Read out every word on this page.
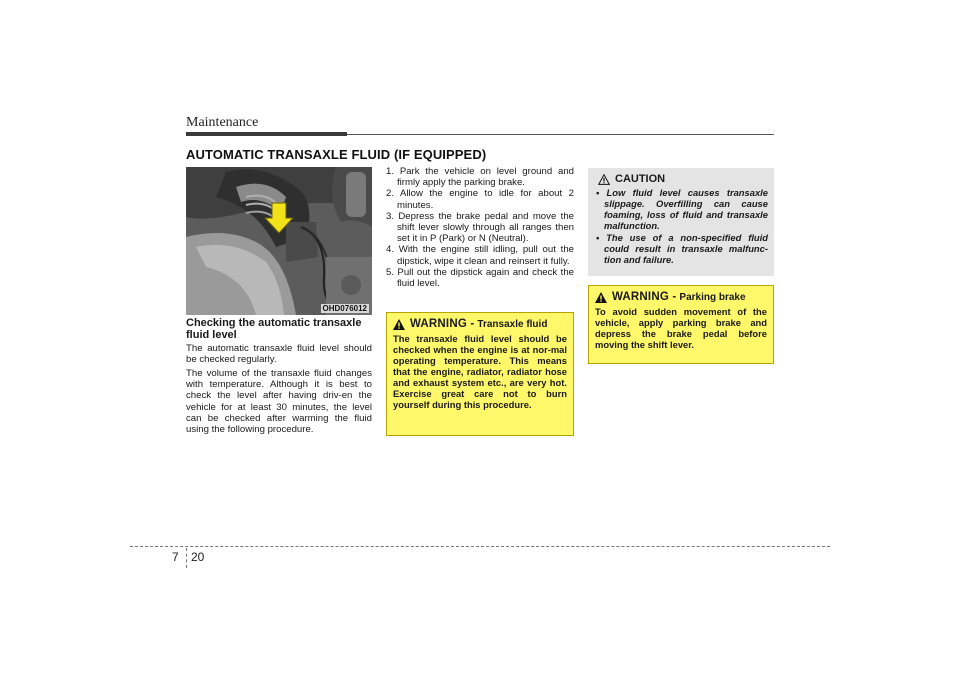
Maintenance
AUTOMATIC TRANSAXLE FLUID (IF EQUIPPED)
OHD076012
Checking the automatic transaxle fluid level
The automatic transaxle fluid level should be checked regularly.
The volume of the transaxle fluid changes with temperature. Although it is best to check the level after having driv-en the vehicle for at least 30 minutes, the level can be checked after warming the fluid using the following procedure.
1. Park the vehicle on level ground and firmly apply the parking brake.
2. Allow the engine to idle for about 2 minutes.
3. Depress the brake pedal and move the shift lever slowly through all ranges then set it in P (Park) or N (Neutral).
4. With the engine still idling, pull out the dipstick, wipe it clean and reinsert it fully.
5. Pull out the dipstick again and check the fluid level.
WARNING - Transaxle fluid
The transaxle fluid level should be checked when the engine is at nor-mal operating temperature. This means that the engine, radiator, radiator hose and exhaust system etc., are very hot. Exercise great care not to burn yourself during this procedure.
CAUTION
• Low fluid level causes transaxle slippage. Overfilling can cause foaming, loss of fluid and transaxle malfunction.
• The use of a non-specified fluid could result in transaxle malfunc-tion and failure.
WARNING - Parking brake
To avoid sudden movement of the vehicle, apply parking brake and depress the brake pedal before moving the shift lever.
7 20
